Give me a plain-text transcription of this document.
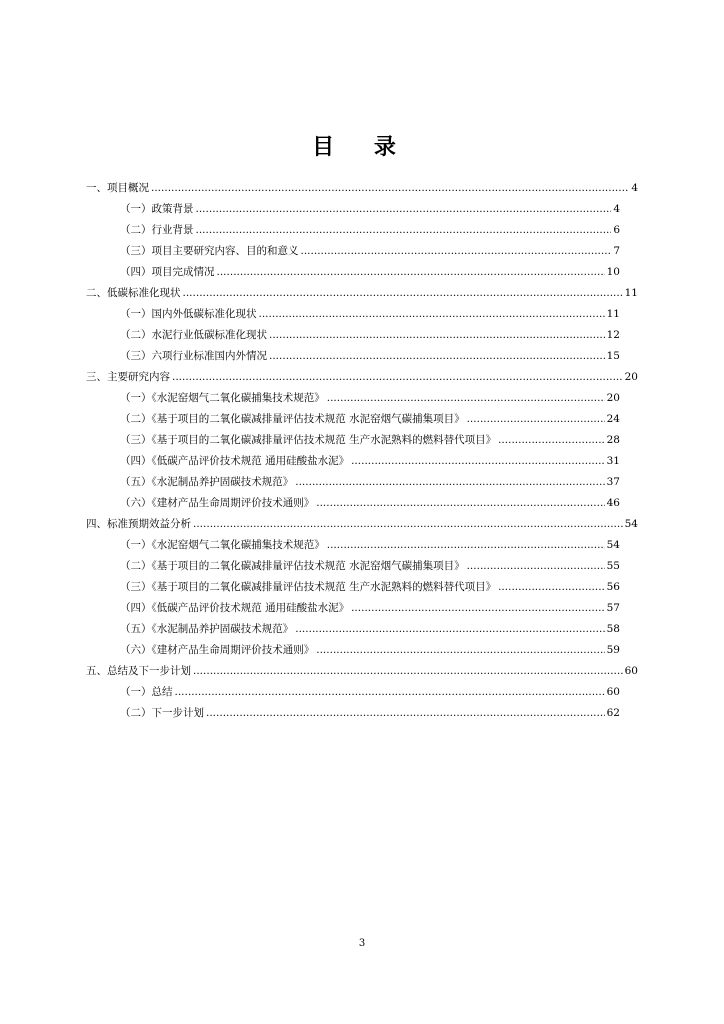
目 录
一、项目概况 .....	4
（一）政策背景 .....	4
（二）行业背景 .....	6
（三）项目主要研究内容、目的和意义 .....	7
（四）项目完成情况 .....	10
二、低碳标准化现状 .....	11
（一）国内外低碳标准化现状 .....	11
（二）水泥行业低碳标准化现状 .....	12
（三）六项行业标准国内外情况 .....	15
三、主要研究内容 .....	20
（一）《水泥窑烟气二氧化碳捕集技术规范》 .....	20
（二）《基于项目的二氧化碳减排量评估技术规范 水泥窑烟气碳捕集项目》 .....	24
（三）《基于项目的二氧化碳减排量评估技术规范 生产水泥熟料的燃料替代项目》 .....	28
（四）《低碳产品评价技术规范 通用硅酸盐水泥》 .....	31
（五）《水泥制品养护固碳技术规范》 .....	37
（六）《建材产品生命周期评价技术通则》 .....	46
四、标准预期效益分析 .....	54
（一）《水泥窑烟气二氧化碳捕集技术规范》 .....	54
（二）《基于项目的二氧化碳减排量评估技术规范 水泥窑烟气碳捕集项目》 .....	55
（三）《基于项目的二氧化碳减排量评估技术规范 生产水泥熟料的燃料替代项目》 .....	56
（四）《低碳产品评价技术规范 通用硅酸盐水泥》 .....	57
（五）《水泥制品养护固碳技术规范》 .....	58
（六）《建材产品生命周期评价技术通则》 .....	59
五、总结及下一步计划 .....	60
（一）总结 .....	60
（二）下一步计划 .....	62
3
